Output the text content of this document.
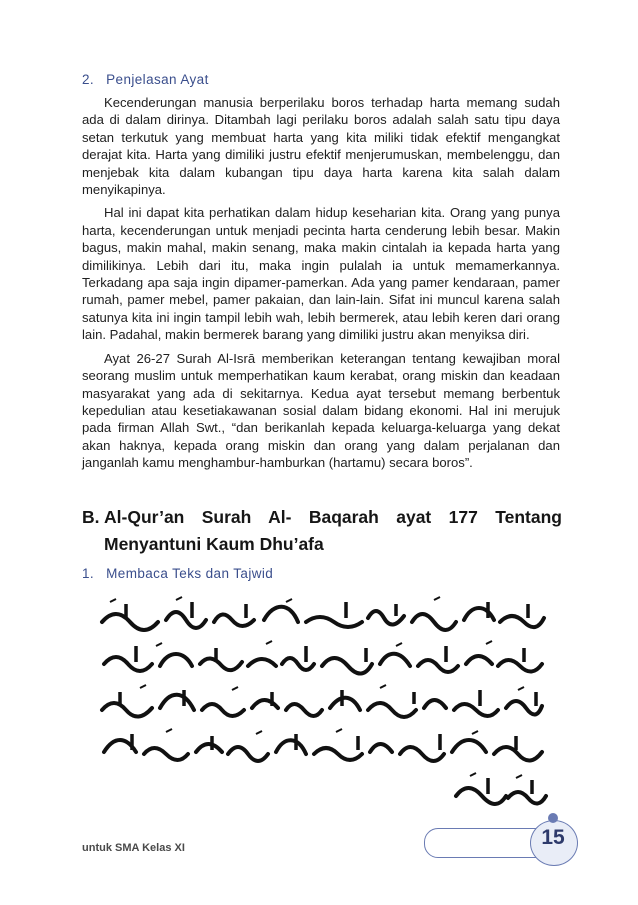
2. Penjelasan Ayat

Kecenderungan manusia berperilaku boros terhadap harta memang sudah ada di dalam dirinya. Ditambah lagi perilaku boros adalah salah satu tipu daya setan terkutuk yang membuat harta yang kita miliki tidak efektif mengangkat derajat kita. Harta yang dimiliki justru efektif menjerumuskan, membelenggu, dan menjebak kita dalam kubangan tipu daya harta karena kita salah dalam menyikapinya.

Hal ini dapat kita perhatikan dalam hidup keseharian kita. Orang yang punya harta, kecenderungan untuk menjadi pecinta harta cenderung lebih besar. Makin bagus, makin mahal, makin senang, maka makin cintalah ia kepada harta yang dimilikinya. Lebih dari itu, maka ingin pulalah ia untuk memamerkannya. Terkadang apa saja ingin dipamer-pamerkan. Ada yang pamer kendaraan, pamer rumah, pamer mebel, pamer pakaian, dan lain-lain. Sifat ini muncul karena salah satunya kita ini ingin tampil lebih wah, lebih bermerek, atau lebih keren dari orang lain. Padahal, makin bermerek barang yang dimiliki justru akan menyiksa diri.

Ayat 26-27 Surah Al-Isrā memberikan keterangan tentang kewajiban moral seorang muslim untuk memperhatikan kaum kerabat, orang miskin dan keadaan masyarakat yang ada di sekitarnya. Kedua ayat tersebut memang berbentuk kepedulian atau kesetiakawanan sosial dalam bidang ekonomi. Hal ini merujuk pada firman Allah Swt., “dan berikanlah kepada keluarga-keluarga yang dekat akan haknya, kepada orang miskin dan orang yang dalam perjalanan dan janganlah kamu menghambur-hamburkan (hartamu) secara boros”.

B. Al-Qur’an Surah Al- Baqarah ayat 177 Tentang Menyantuni Kaum Dhu’afa
1. Membaca Teks dan Tajwid
untuk SMA Kelas XI	15
